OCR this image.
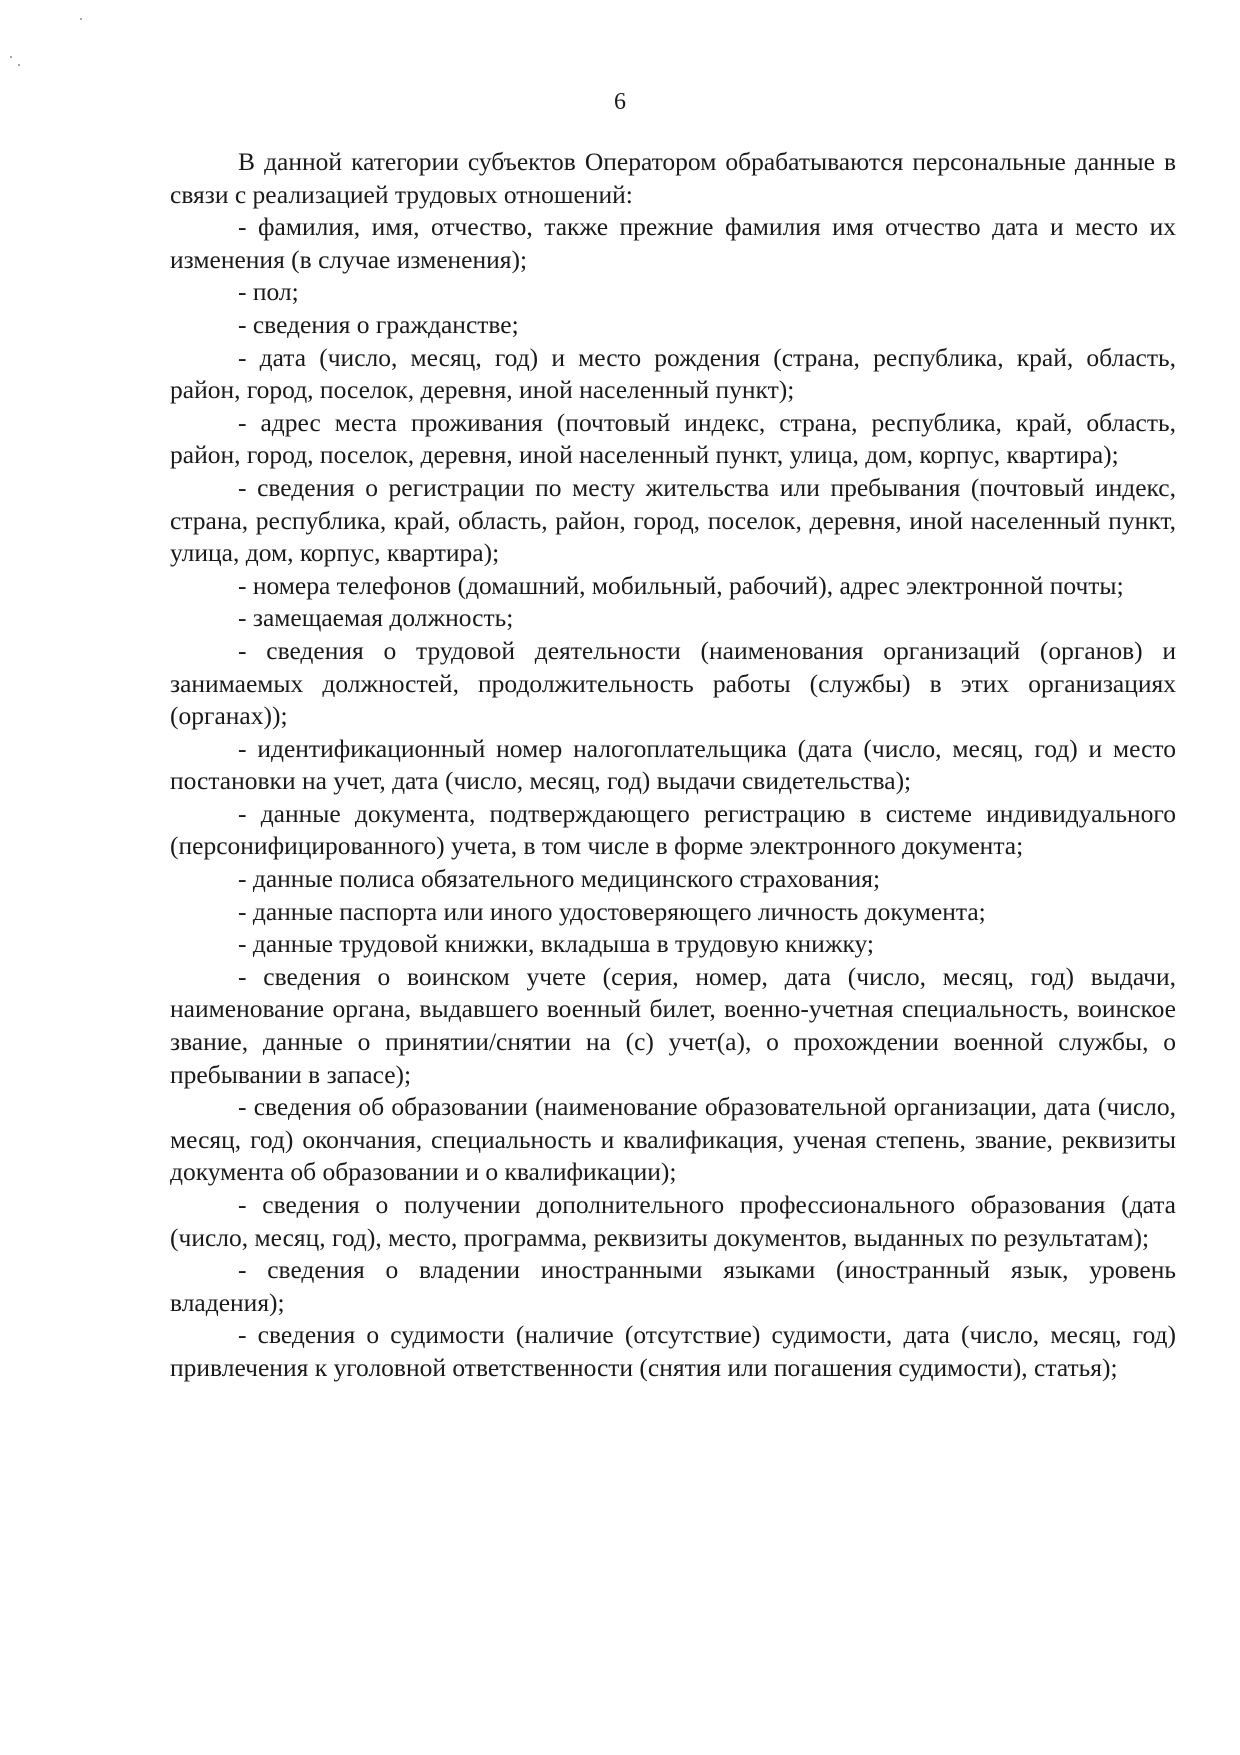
6

В данной категории субъектов Оператором обрабатываются персональные данные в связи с реализацией трудовых отношений:

- фамилия, имя, отчество, также прежние фамилия имя отчество дата и место их изменения (в случае изменения);

- пол;

- сведения о гражданстве;

- дата (число, месяц, год) и место рождения (страна, республика, край, область, район, город, поселок, деревня, иной населенный пункт);

- адрес места проживания (почтовый индекс, страна, республика, край, область, район, город, поселок, деревня, иной населенный пункт, улица, дом, корпус, квартира);

- сведения о регистрации по месту жительства или пребывания (почтовый индекс, страна, республика, край, область, район, город, поселок, деревня, иной населенный пункт, улица, дом, корпус, квартира);

- номера телефонов (домашний, мобильный, рабочий), адрес электронной почты;

- замещаемая должность;

- сведения о трудовой деятельности (наименования организаций (органов) и занимаемых должностей, продолжительность работы (службы) в этих организациях (органах));

- идентификационный номер налогоплательщика (дата (число, месяц, год) и место постановки на учет, дата (число, месяц, год) выдачи свидетельства);

- данные документа, подтверждающего регистрацию в системе индивидуального (персонифицированного) учета, в том числе в форме электронного документа;

- данные полиса обязательного медицинского страхования;

- данные паспорта или иного удостоверяющего личность документа;

- данные трудовой книжки, вкладыша в трудовую книжку;

- сведения о воинском учете (серия, номер, дата (число, месяц, год) выдачи, наименование органа, выдавшего военный билет, военно-учетная специальность, воинское звание, данные о принятии/снятии на (с) учет(а), о прохождении военной службы, о пребывании в запасе);

- сведения об образовании (наименование образовательной организации, дата (число, месяц, год) окончания, специальность и квалификация, ученая степень, звание, реквизиты документа об образовании и о квалификации);

- сведения о получении дополнительного профессионального образования (дата (число, месяц, год), место, программа, реквизиты документов, выданных по результатам);

- сведения о владении иностранными языками (иностранный язык, уровень владения);

- сведения о судимости (наличие (отсутствие) судимости, дата (число, месяц, год) привлечения к уголовной ответственности (снятия или погашения судимости), статья);
